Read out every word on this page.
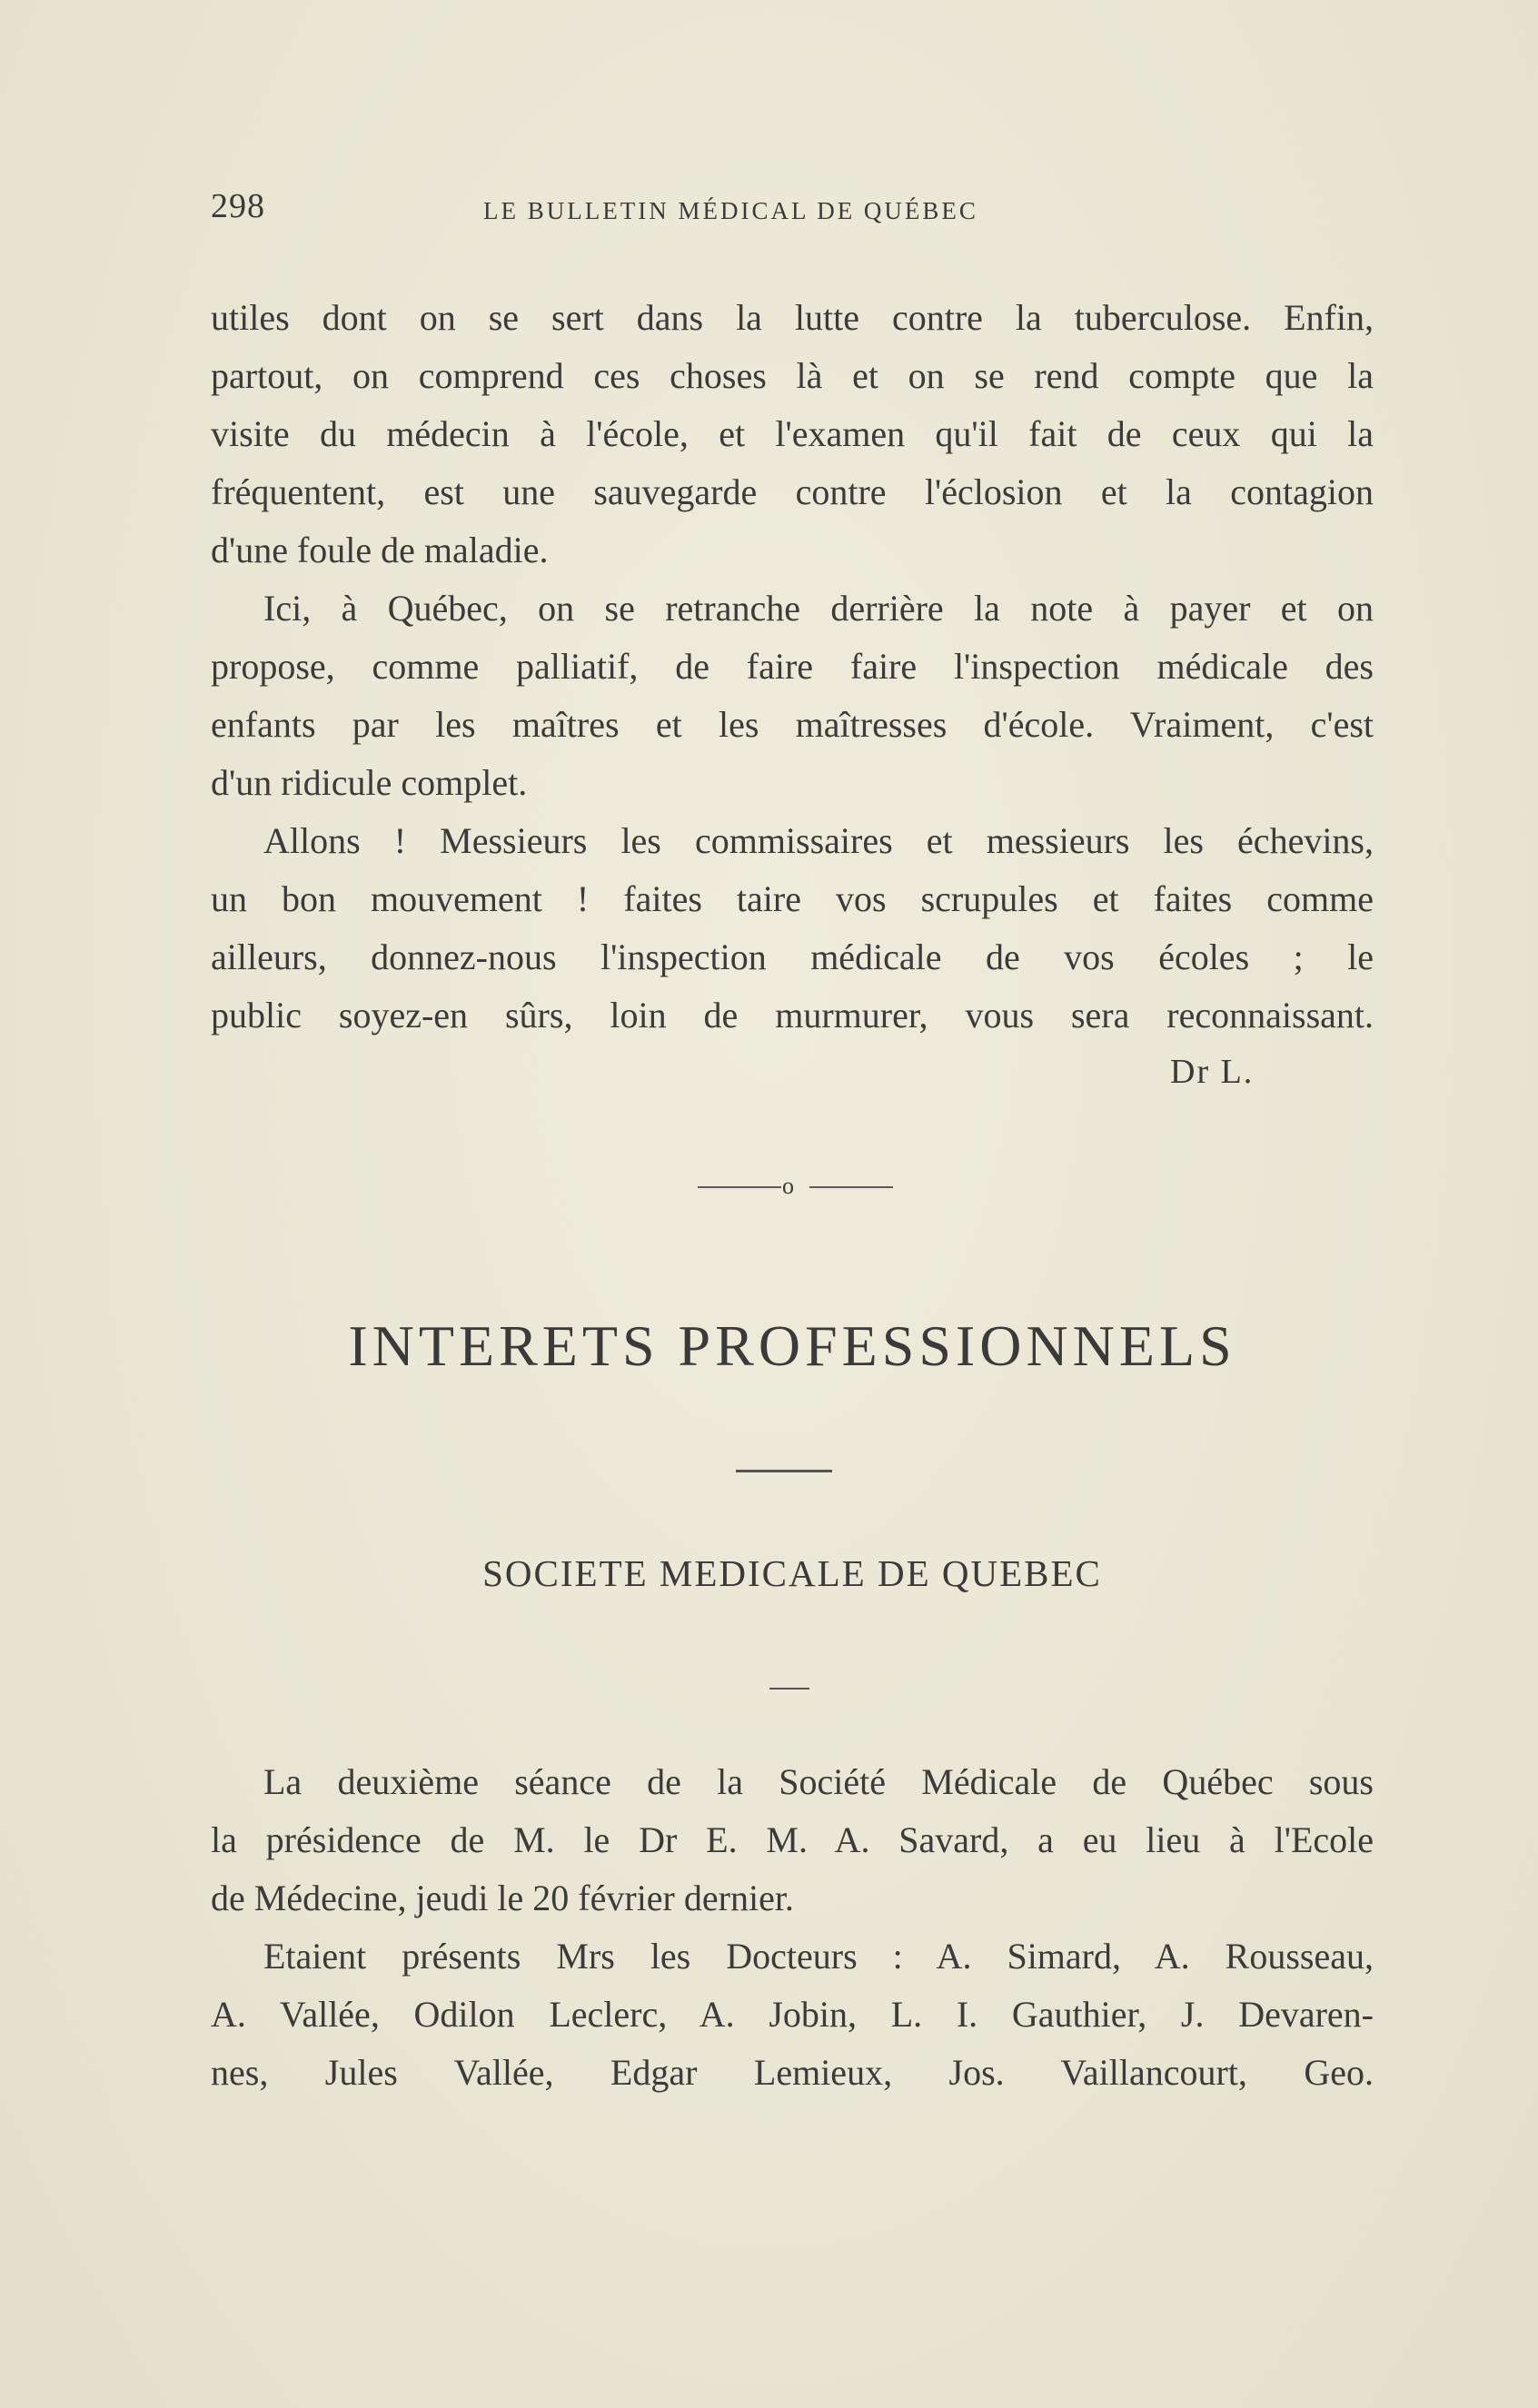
298	LE BULLETIN MÉDICAL DE QUÉBEC
utiles dont on se sert dans la lutte contre la tuberculose. Enfin,
partout, on comprend ces choses là et on se rend compte que la
visite du médecin à l'école, et l'examen qu'il fait de ceux qui la
fréquentent, est une sauvegarde contre l'éclosion et la contagion
d'une foule de maladie.
Ici, à Québec, on se retranche derrière la note à payer et on
propose, comme palliatif, de faire faire l'inspection médicale des
enfants par les maîtres et les maîtresses d'école. Vraiment, c'est
d'un ridicule complet.
Allons ! Messieurs les commissaires et messieurs les échevins,
un bon mouvement ! faites taire vos scrupules et faites comme
ailleurs, donnez-nous l'inspection médicale de vos écoles ; le
public soyez-en sûrs, loin de murmurer, vous sera reconnaissant.
Dr L.
o
INTERETS PROFESSIONNELS
SOCIETE MEDICALE DE QUEBEC
La deuxième séance de la Société Médicale de Québec sous
la présidence de M. le Dr E. M. A. Savard, a eu lieu à l'Ecole
de Médecine, jeudi le 20 février dernier.
Etaient présents Mrs les Docteurs : A. Simard, A. Rousseau,
A. Vallée, Odilon Leclerc, A. Jobin, L. I. Gauthier, J. Devaren-
nes, Jules Vallée, Edgar Lemieux, Jos. Vaillancourt, Geo.
